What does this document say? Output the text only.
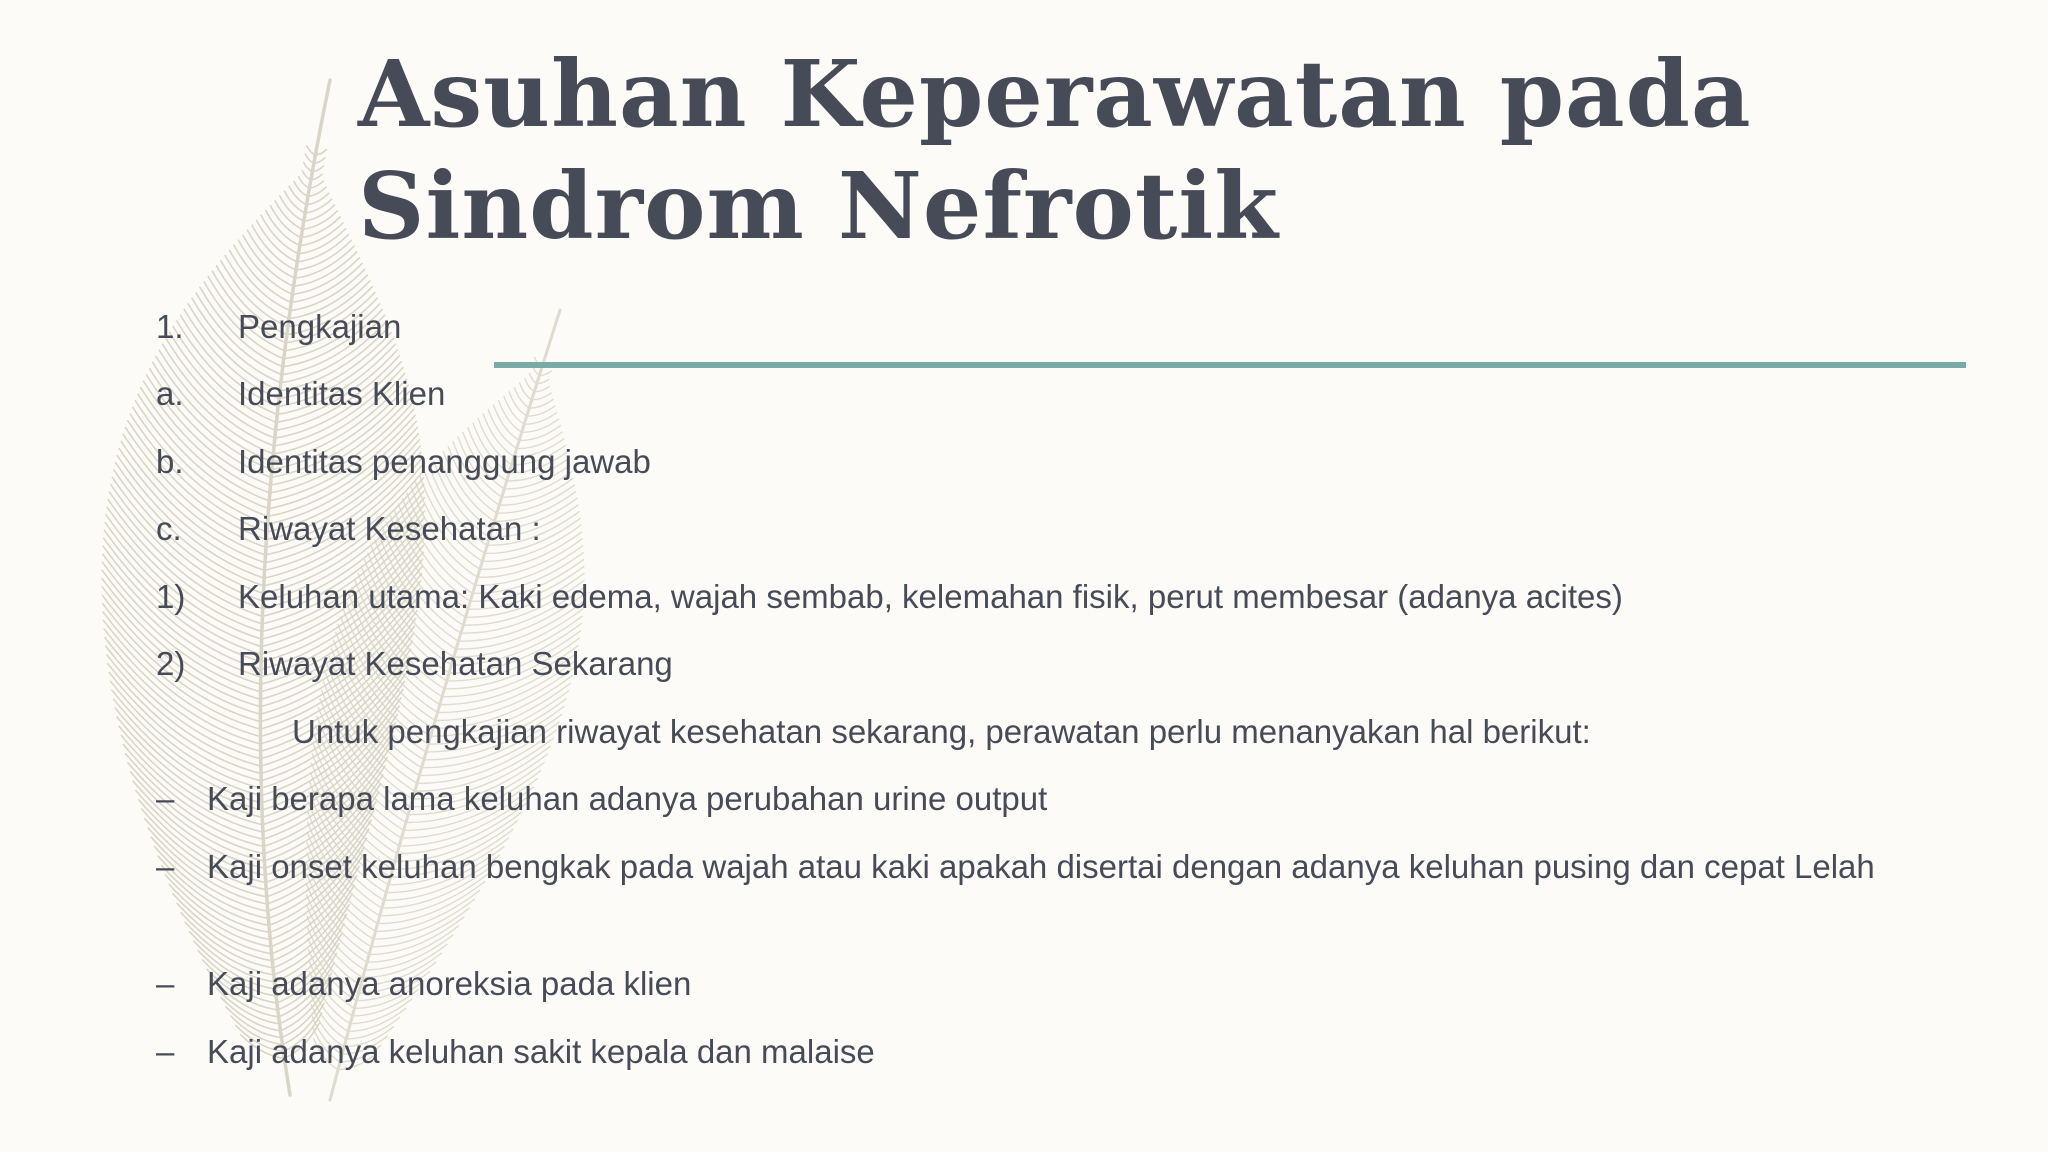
Asuhan Keperawatan pada
Sindrom Nefrotik
1. Pengkajian
a. Identitas Klien
b. Identitas penanggung jawab
c. Riwayat Kesehatan :
1) Keluhan utama: Kaki edema, wajah sembab, kelemahan fisik, perut membesar (adanya acites)
2) Riwayat Kesehatan Sekarang
Untuk pengkajian riwayat kesehatan sekarang, perawatan perlu menanyakan hal berikut:
– Kaji berapa lama keluhan adanya perubahan urine output
– Kaji onset keluhan bengkak pada wajah atau kaki apakah disertai dengan adanya keluhan pusing dan cepat Lelah
– Kaji adanya anoreksia pada klien
– Kaji adanya keluhan sakit kepala dan malaise
